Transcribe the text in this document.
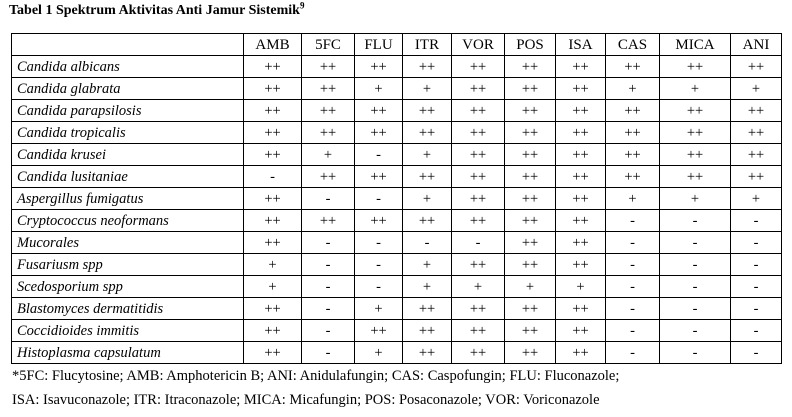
Tabel 1 Spektrum Aktivitas Anti Jamur Sistemik$^9$
	AMB	5FC	FLU	ITR	VOR	POS	ISA	CAS	MICA	ANI
Candida albicans	++	++	++	++	++	++	++	++	++	++
Candida glabrata	++	++	+	+	++	++	++	+	+	+
Candida parapsilosis	++	++	++	++	++	++	++	++	++	++
Candida tropicalis	++	++	++	++	++	++	++	++	++	++
Candida krusei	++	+	-	+	++	++	++	++	++	++
Candida lusitaniae	-	++	++	++	++	++	++	++	++	++
Aspergillus fumigatus	++	-	-	+	++	++	++	+	+	+
Cryptococcus neoformans	++	++	++	++	++	++	++	-	-	-
Mucorales	++	-	-	-	-	++	++	-	-	-
Fusariusm spp	+	-	-	+	++	++	++	-	-	-
Scedosporium spp	+	-	-	+	+	+	+	-	-	-
Blastomyces dermatitidis	++	-	+	++	++	++	++	-	-	-
Coccidioides immitis	++	-	++	++	++	++	++	-	-	-
Histoplasma capsulatum	++	-	+	++	++	++	++	-	-	-
*5FC: Flucytosine; AMB: Amphotericin B; ANI: Anidulafungin; CAS: Caspofungin; FLU: Fluconazole;
ISA: Isavuconazole; ITR: Itraconazole; MICA: Micafungin; POS: Posaconazole; VOR: Voriconazole
